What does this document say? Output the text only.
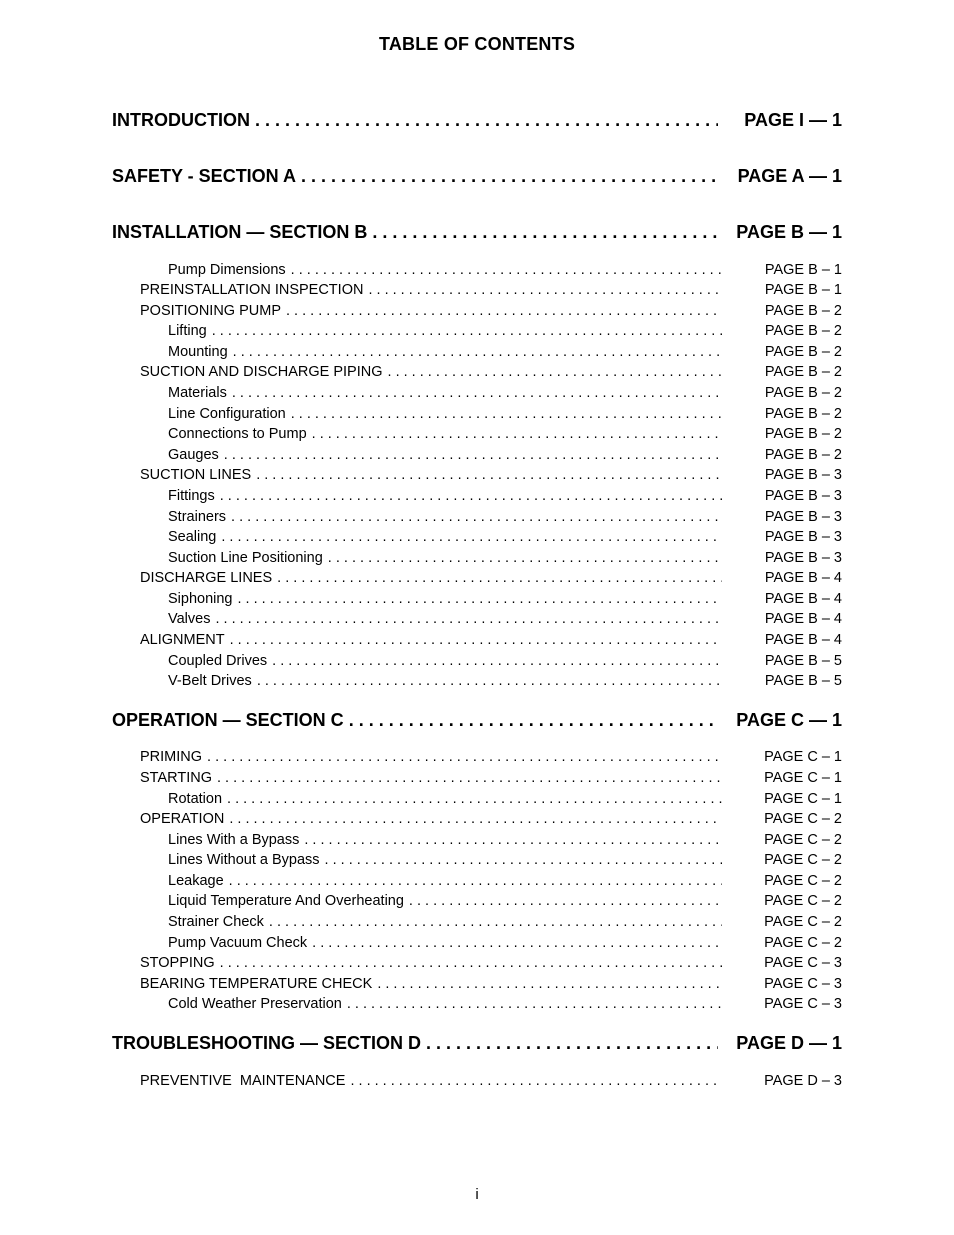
TABLE OF CONTENTS
INTRODUCTION . . .	PAGE I — 1
SAFETY - SECTION A . . .	PAGE A — 1
INSTALLATION — SECTION B . . .	PAGE B — 1
Pump Dimensions . . .	PAGE B – 1
PREINSTALLATION INSPECTION . . .	PAGE B – 1
POSITIONING PUMP . . .	PAGE B – 2
Lifting . . .	PAGE B – 2
Mounting . . .	PAGE B – 2
SUCTION AND DISCHARGE PIPING . . .	PAGE B – 2
Materials . . .	PAGE B – 2
Line Configuration . . .	PAGE B – 2
Connections to Pump . . .	PAGE B – 2
Gauges . . .	PAGE B – 2
SUCTION LINES . . .	PAGE B – 3
Fittings . . .	PAGE B – 3
Strainers . . .	PAGE B – 3
Sealing . . .	PAGE B – 3
Suction Line Positioning . . .	PAGE B – 3
DISCHARGE LINES . . .	PAGE B – 4
Siphoning . . .	PAGE B – 4
Valves . . .	PAGE B – 4
ALIGNMENT . . .	PAGE B – 4
Coupled Drives . . .	PAGE B – 5
V-Belt Drives . . .	PAGE B – 5
OPERATION — SECTION C . . .	PAGE C — 1
PRIMING . . .	PAGE C – 1
STARTING . . .	PAGE C – 1
Rotation . . .	PAGE C – 1
OPERATION . . .	PAGE C – 2
Lines With a Bypass . . .	PAGE C – 2
Lines Without a Bypass . . .	PAGE C – 2
Leakage . . .	PAGE C – 2
Liquid Temperature And Overheating . . .	PAGE C – 2
Strainer Check . . .	PAGE C – 2
Pump Vacuum Check . . .	PAGE C – 2
STOPPING . . .	PAGE C – 3
BEARING TEMPERATURE CHECK . . .	PAGE C – 3
Cold Weather Preservation . . .	PAGE C – 3
TROUBLESHOOTING — SECTION D . . .	PAGE D — 1
PREVENTIVE  MAINTENANCE . . .	PAGE D – 3
i
